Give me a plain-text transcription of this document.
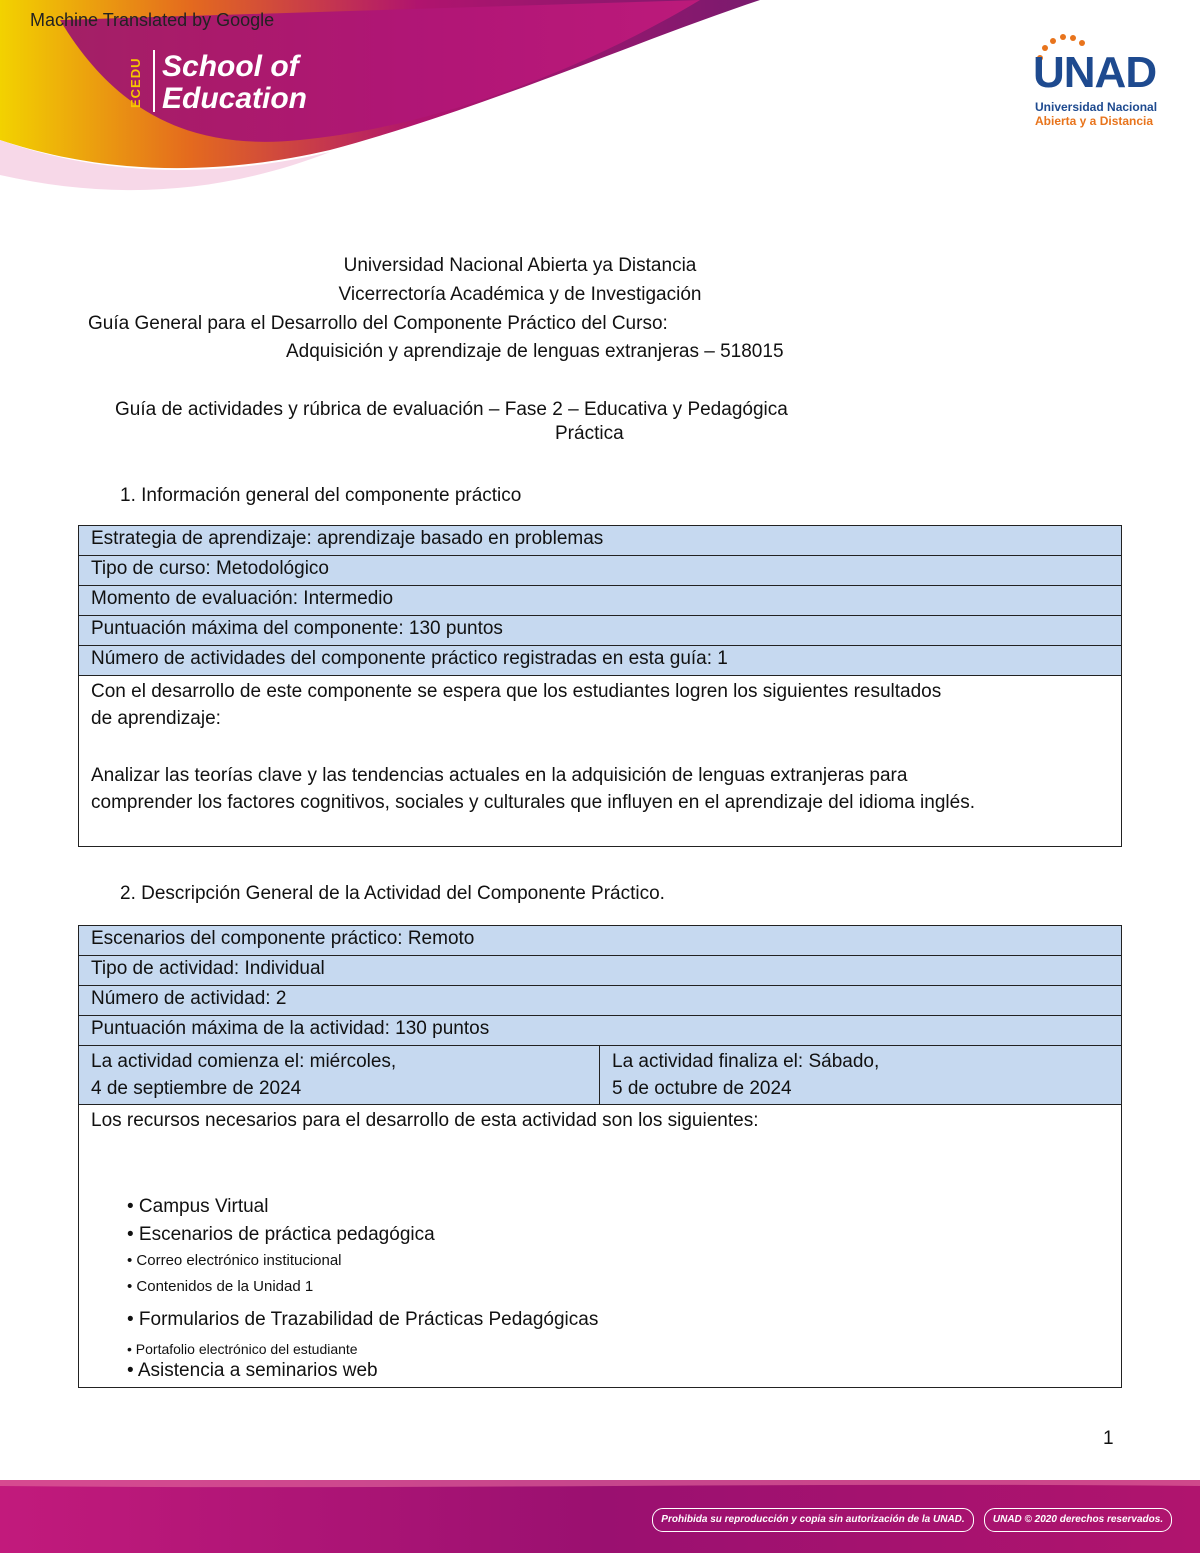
Machine Translated by Google
ECEDU School of
Education
UNAD
Universidad Nacional
Abierta y a Distancia
Universidad Nacional Abierta ya Distancia
Vicerrectoría Académica y de Investigación
Guía General para el Desarrollo del Componente Práctico del Curso:
Adquisición y aprendizaje de lenguas extranjeras – 518015
Guía de actividades y rúbrica de evaluación – Fase 2 – Educativa y Pedagógica
Práctica
1. Información general del componente práctico
Estrategia de aprendizaje: aprendizaje basado en problemas
Tipo de curso: Metodológico
Momento de evaluación: Intermedio
Puntuación máxima del componente: 130 puntos
Número de actividades del componente práctico registradas en esta guía: 1

Con el desarrollo de este componente se espera que los estudiantes logren los siguientes resultados
de aprendizaje:
Analizar las teorías clave y las tendencias actuales en la adquisición de lenguas extranjeras para
comprender los factores cognitivos, sociales y culturales que influyen en el aprendizaje del idioma inglés.
2. Descripción General de la Actividad del Componente Práctico.
Escenarios del componente práctico: Remoto
Tipo de actividad: Individual
Número de actividad: 2
Puntuación máxima de la actividad: 130 puntos

La actividad comienza el: miércoles,
4 de septiembre de 2024

La actividad finaliza el: Sábado,
5 de octubre de 2024

Los recursos necesarios para el desarrollo de esta actividad son los siguientes:
• Campus Virtual
• Escenarios de práctica pedagógica
• Correo electrónico institucional
• Contenidos de la Unidad 1
• Formularios de Trazabilidad de Prácticas Pedagógicas
• Portafolio electrónico del estudiante
• Asistencia a seminarios web
1
Prohibida su reproducción y copia sin autorización de la UNAD.	UNAD © 2020 derechos reservados.
